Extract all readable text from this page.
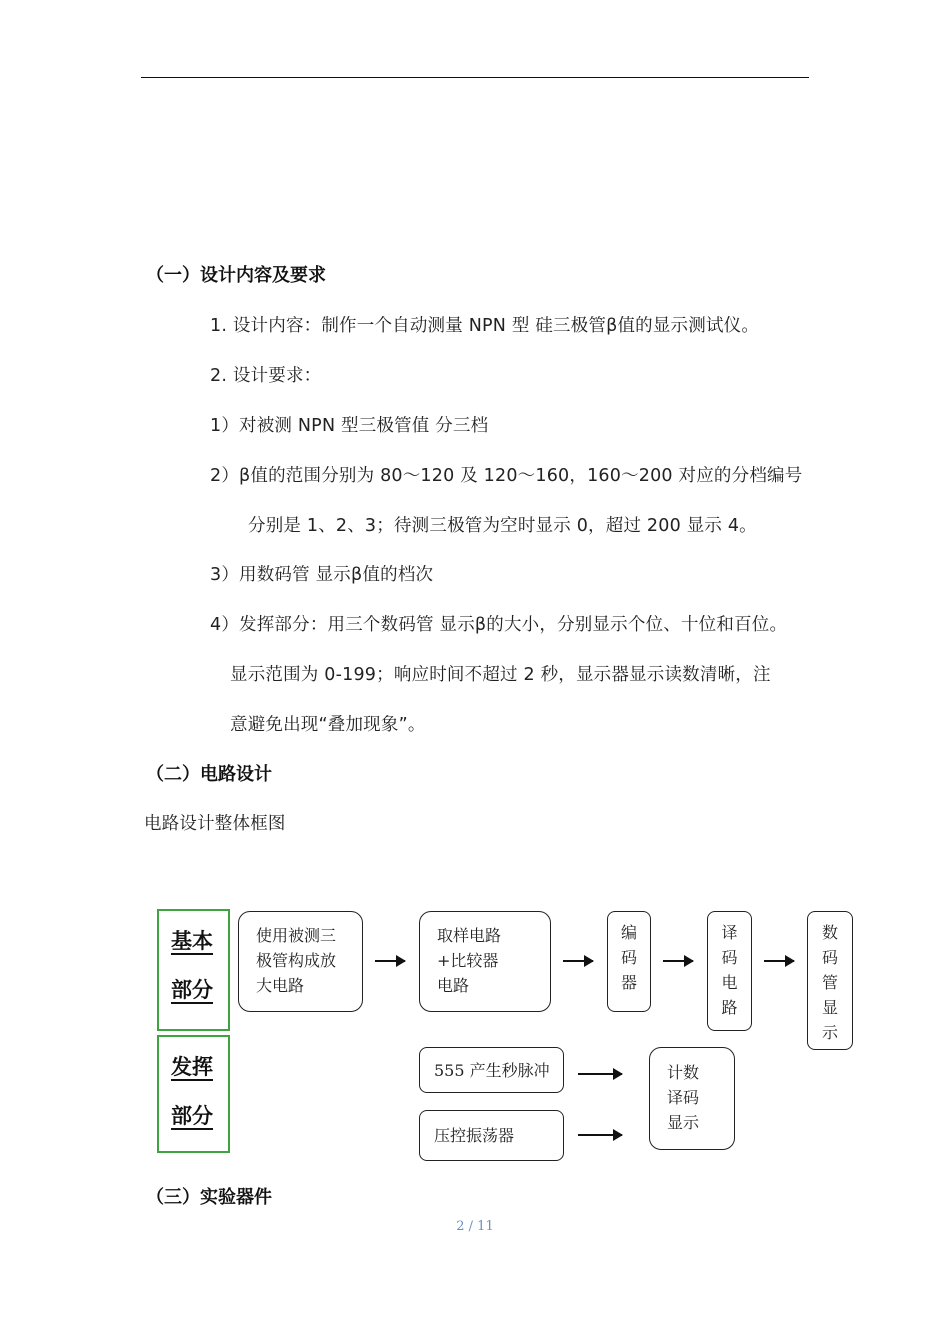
（一）设计内容及要求
1. 设计内容：制作一个自动测量 NPN 型 硅三极管β值的显示测试仪。
2. 设计要求：
1）对被测 NPN 型三极管值 分三档
2）β值的范围分别为 80～120 及 120～160，160～200 对应的分档编号
分别是 1、2、3；待测三极管为空时显示 0，超过 200 显示 4。
3）用数码管 显示β值的档次
4）发挥部分：用三个数码管 显示β的大小，分别显示个位、十位和百位。
显示范围为 0-199；响应时间不超过 2 秒，显示器显示读数清晰，注
意避免出现“叠加现象”。
（二）电路设计
电路设计整体框图
基本
部分
发挥
部分
使用被测三
极管构成放
大电路
取样电路
+比较器
电路
编
码
器
译
码
电
路
数
码
管
显
示
555 产生秒脉冲
压控振荡器
计数
译码
显示
（三）实验器件
2 / 11
